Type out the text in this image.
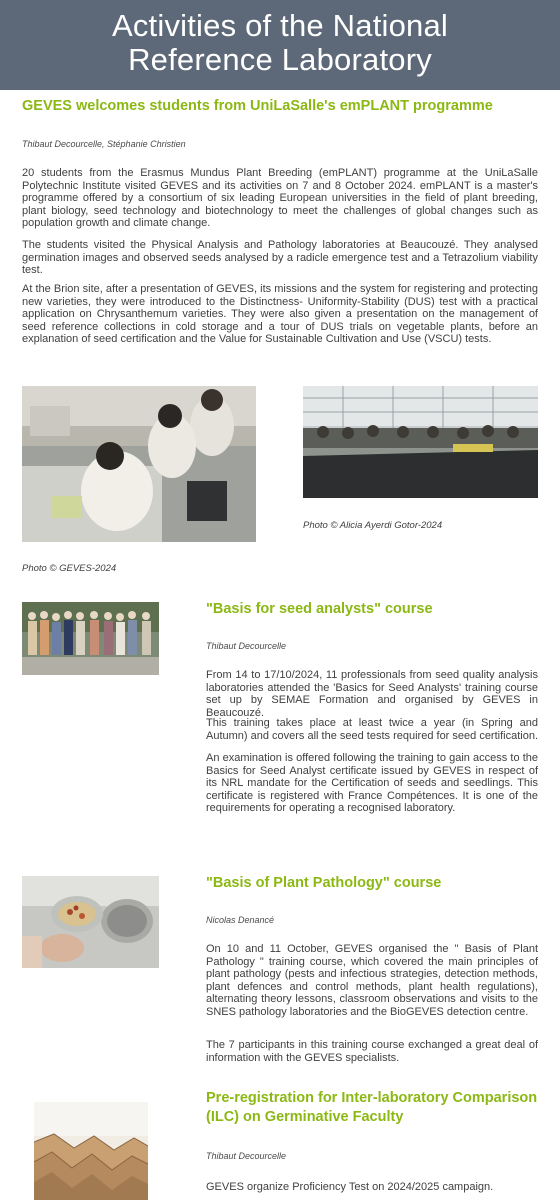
Activities of the National
Reference Laboratory
GEVES welcomes students from UniLaSalle's emPLANT programme
Thibaut Decourcelle, Stéphanie Christien
20 students from the Erasmus Mundus Plant Breeding (emPLANT) programme at the UniLaSalle Polytechnic Institute visited GEVES and its activities on 7 and 8 October 2024. emPLANT is a master's programme offered by a consortium of six leading European universities in the field of plant breeding, plant biology, seed technology and biotechnology to meet the challenges of global changes such as population growth and climate change.
The students visited the Physical Analysis and Pathology laboratories at Beaucouzé. They analysed germination images and observed seeds analysed by a radicle emergence test and a Tetrazolium viability test.
At the Brion site, after a presentation of GEVES, its missions and the system for registering and protecting new varieties, they were introduced to the Distinctness- Uniformity-Stability (DUS) test with a practical application on Chrysanthemum varieties. They were also given a presentation on the management of seed reference collections in cold storage and a tour of DUS trials on vegetable plants, before an explanation of seed certification and the Value for Sustainable Cultivation and Use (VSCU) tests.
Photo © Alicia Ayerdi Gotor-2024
Photo © GEVES-2024
"Basis for seed analysts" course
Thibaut Decourcelle
From 14 to 17/10/2024, 11 professionals from seed quality analysis laboratories attended the 'Basics for Seed Analysts' training course set up by SEMAE Formation and organised by GEVES in Beaucouzé.
This training takes place at least twice a year (in Spring and Autumn) and covers all the seed tests required for seed certification.
An examination is offered following the training to gain access to the Basics for Seed Analyst certificate issued by GEVES in respect of its NRL mandate for the Certification of seeds and seedlings. This certificate is registered with France Compétences. It is one of the requirements for operating a recognised laboratory.
"Basis of Plant Pathology" course
Nicolas Denancé
On 10 and 11 October, GEVES organised the " Basis of Plant Pathology " training course, which covered the main principles of plant pathology (pests and infectious strategies, detection methods, plant defences and control methods, plant health regulations), alternating theory lessons, classroom observations and visits to the SNES pathology laboratories and the BioGEVES detection centre.
The 7 participants in this training course exchanged a great deal of information with the GEVES specialists.
Pre-registration for Inter-laboratory Comparison
(ILC) on Germinative Faculty
Thibaut Decourcelle
GEVES organize Proficiency Test on 2024/2025 campaign.
